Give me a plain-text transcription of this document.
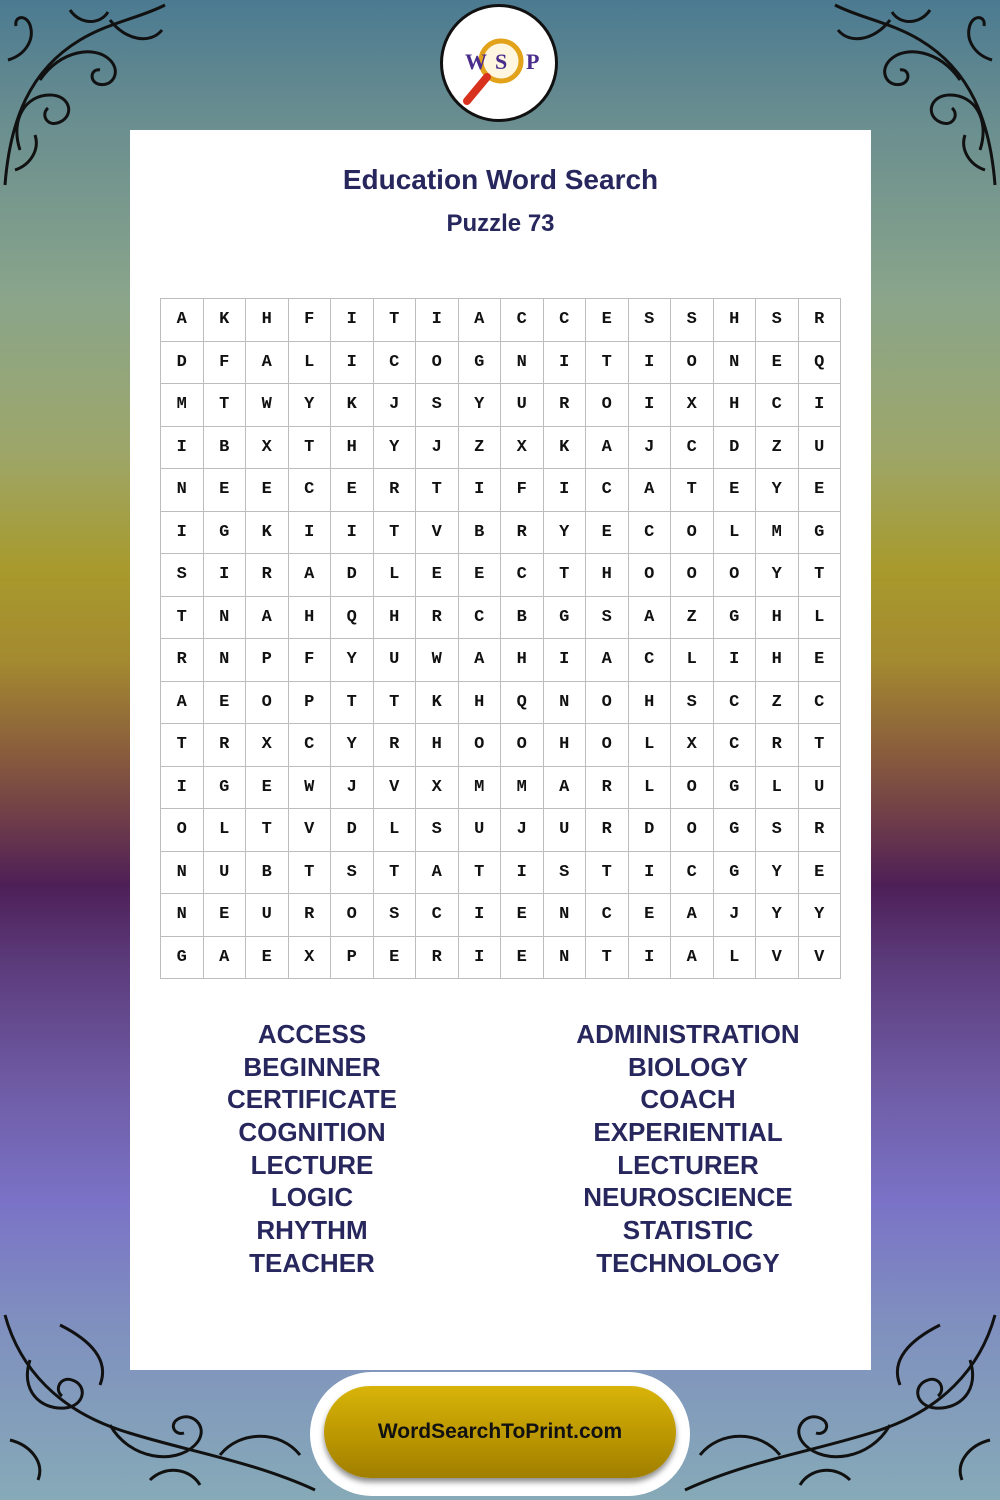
W S P
Education Word Search
Puzzle 73
A	K	H	F	I	T	I	A	C	C	E	S	S	H	S	R
D	F	A	L	I	C	O	G	N	I	T	I	O	N	E	Q
M	T	W	Y	K	J	S	Y	U	R	O	I	X	H	C	I
I	B	X	T	H	Y	J	Z	X	K	A	J	C	D	Z	U
N	E	E	C	E	R	T	I	F	I	C	A	T	E	Y	E
I	G	K	I	I	T	V	B	R	Y	E	C	O	L	M	G
S	I	R	A	D	L	E	E	C	T	H	O	O	O	Y	T
T	N	A	H	Q	H	R	C	B	G	S	A	Z	G	H	L
R	N	P	F	Y	U	W	A	H	I	A	C	L	I	H	E
A	E	O	P	T	T	K	H	Q	N	O	H	S	C	Z	C
T	R	X	C	Y	R	H	O	O	H	O	L	X	C	R	T
I	G	E	W	J	V	X	M	M	A	R	L	O	G	L	U
O	L	T	V	D	L	S	U	J	U	R	D	O	G	S	R
N	U	B	T	S	T	A	T	I	S	T	I	C	G	Y	E
N	E	U	R	O	S	C	I	E	N	C	E	A	J	Y	Y
G	A	E	X	P	E	R	I	E	N	T	I	A	L	V	V
ACCESS
BEGINNER
CERTIFICATE
COGNITION
LECTURE
LOGIC
RHYTHM
TEACHER
ADMINISTRATION
BIOLOGY
COACH
EXPERIENTIAL
LECTURER
NEUROSCIENCE
STATISTIC
TECHNOLOGY
WordSearchToPrint.com
